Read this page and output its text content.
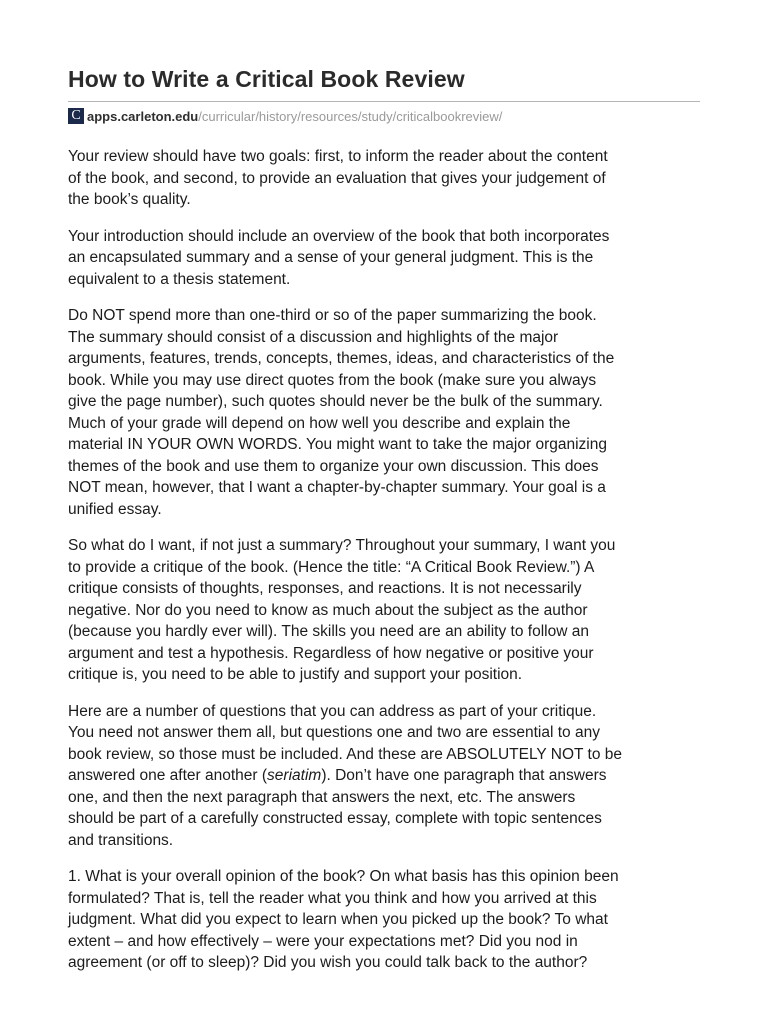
How to Write a Critical Book Review
C apps.carleton.edu /curricular/history/resources/study/criticalbookreview/

Your review should have two goals: first, to inform the reader about the content
of the book, and second, to provide an evaluation that gives your judgement of
the book’s quality.

Your introduction should include an overview of the book that both incorporates
an encapsulated summary and a sense of your general judgment. This is the
equivalent to a thesis statement.

Do NOT spend more than one-third or so of the paper summarizing the book.
The summary should consist of a discussion and highlights of the major
arguments, features, trends, concepts, themes, ideas, and characteristics of the
book. While you may use direct quotes from the book (make sure you always
give the page number), such quotes should never be the bulk of the summary.
Much of your grade will depend on how well you describe and explain the
material IN YOUR OWN WORDS. You might want to take the major organizing
themes of the book and use them to organize your own discussion. This does
NOT mean, however, that I want a chapter-by-chapter summary. Your goal is a
unified essay.

So what do I want, if not just a summary? Throughout your summary, I want you
to provide a critique of the book. (Hence the title: “A Critical Book Review.”) A
critique consists of thoughts, responses, and reactions. It is not necessarily
negative. Nor do you need to know as much about the subject as the author
(because you hardly ever will). The skills you need are an ability to follow an
argument and test a hypothesis. Regardless of how negative or positive your
critique is, you need to be able to justify and support your position.

Here are a number of questions that you can address as part of your critique.
You need not answer them all, but questions one and two are essential to any
book review, so those must be included. And these are ABSOLUTELY NOT to be
answered one after another (seriatim). Don’t have one paragraph that answers
one, and then the next paragraph that answers the next, etc. The answers
should be part of a carefully constructed essay, complete with topic sentences
and transitions.

1. What is your overall opinion of the book? On what basis has this opinion been
formulated? That is, tell the reader what you think and how you arrived at this
judgment. What did you expect to learn when you picked up the book? To what
extent – and how effectively – were your expectations met? Did you nod in
agreement (or off to sleep)? Did you wish you could talk back to the author?
